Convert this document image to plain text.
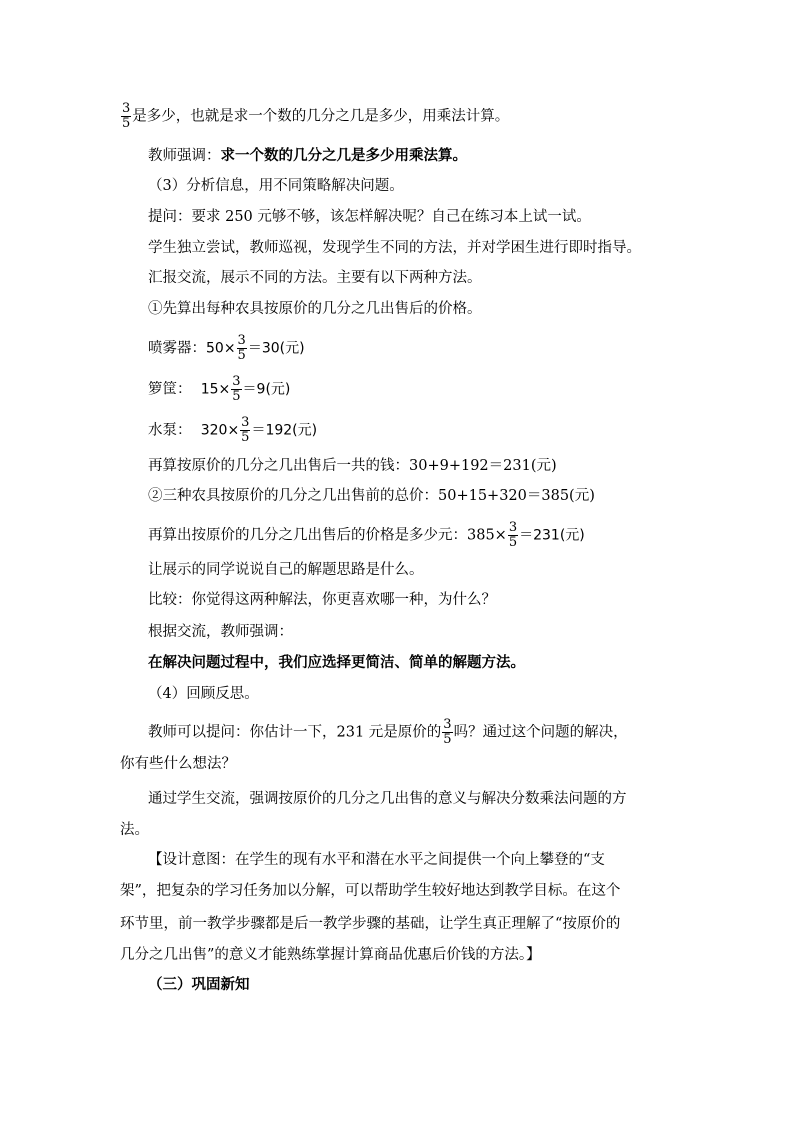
$\frac{3}{5}$ 是多少，也就是求一个数的几分之几是多少，用乘法计算。
教师强调：求一个数的几分之几是多少用乘法算。
（3）分析信息，用不同策略解决问题。
提问：要求 250 元够不够，该怎样解决呢？自己在练习本上试一试。
学生独立尝试，教师巡视，发现学生不同的方法，并对学困生进行即时指导。
汇报交流，展示不同的方法。主要有以下两种方法。
①先算出每种农具按原价的几分之几出售后的价格。
喷雾器：$50\times \frac{3}{5} =30$(元)
箩筐： $15\times \frac{3}{5} =9$(元)
水泵： $320\times \frac{3}{5} =192$(元)
再算按原价的几分之几出售后一共的钱：30+9+192＝231(元)
②三种农具按原价的几分之几出售前的总价：50+15+320＝385(元)
再算出按原价的几分之几出售后的价格是多少元：$385\times \frac{3}{5} =231$(元)
让展示的同学说说自己的解题思路是什么。
比较：你觉得这两种解法，你更喜欢哪一种，为什么？
根据交流，教师强调：
在解决问题过程中，我们应选择更简洁、简单的解题方法。
（4）回顾反思。
教师可以提问：你估计一下，231 元是原价的 $\frac{3}{5}$ 吗？通过这个问题的解决，
你有些什么想法？
通过学生交流，强调按原价的几分之几出售的意义与解决分数乘法问题的方
法。
【设计意图：在学生的现有水平和潜在水平之间提供一个向上攀登的“支
架”，把复杂的学习任务加以分解，可以帮助学生较好地达到教学目标。在这个
环节里，前一教学步骤都是后一教学步骤的基础，让学生真正理解了“按原价的
几分之几出售”的意义才能熟练掌握计算商品优惠后价钱的方法。】
（三）巩固新知
